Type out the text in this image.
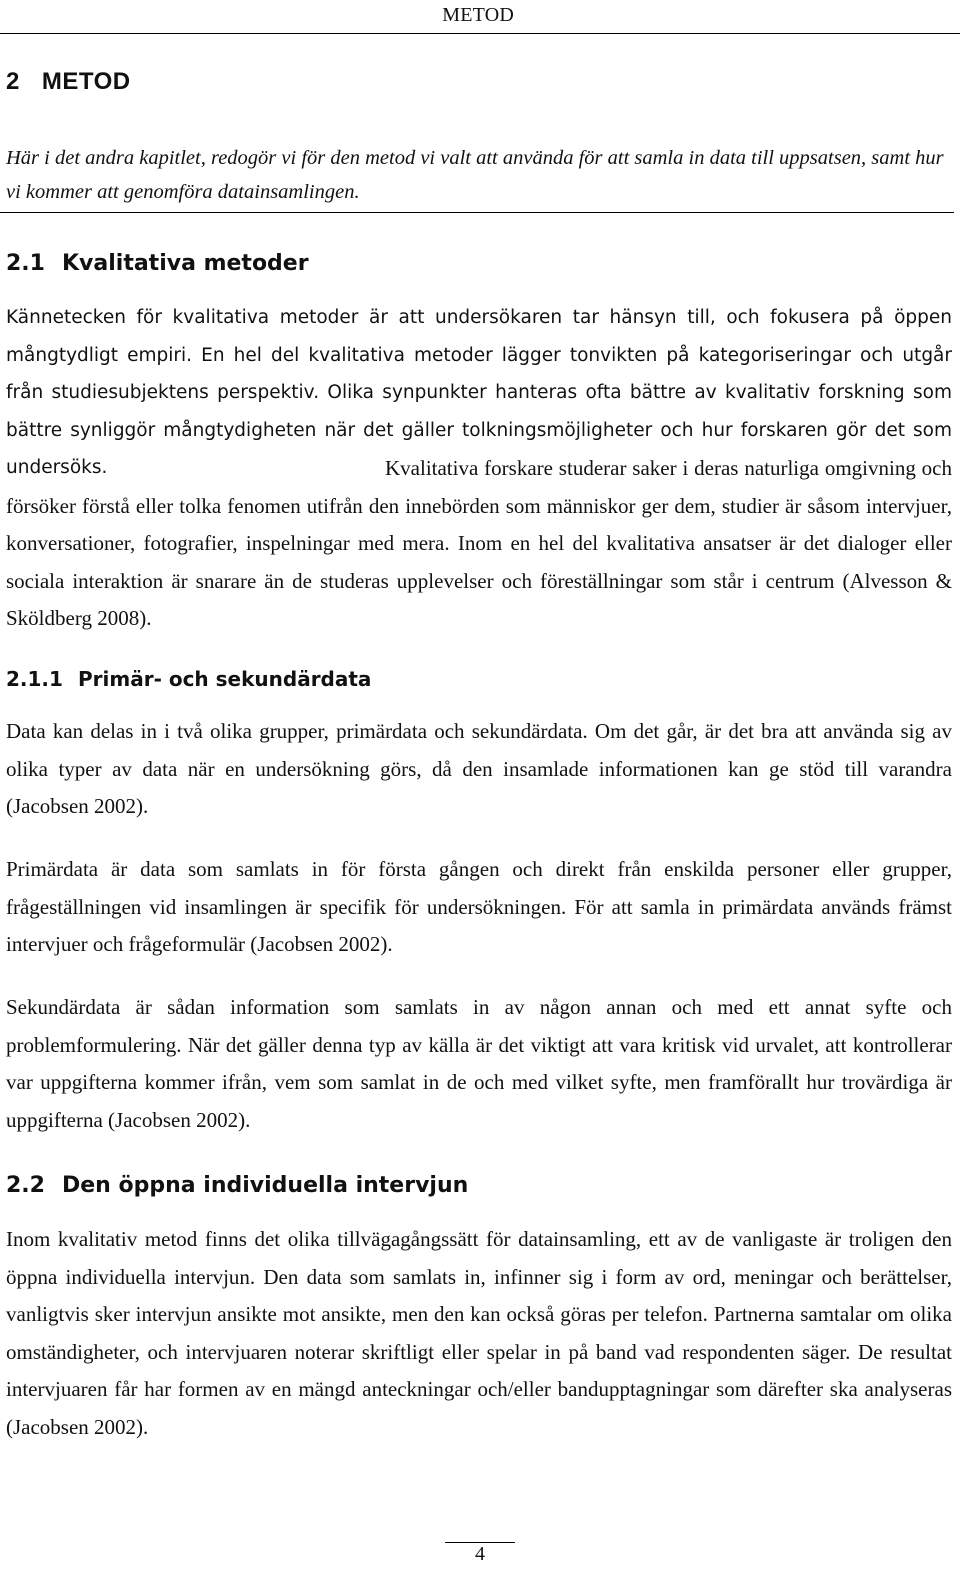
METOD
2 METOD

Här i det andra kapitlet, redogör vi för den metod vi valt att använda för att samla in data till uppsatsen, samt hur vi kommer att genomföra datainsamlingen.

2.1 Kvalitativa metoder

Kännetecken för kvalitativa metoder är att undersökaren tar hänsyn till, och fokusera på öppen mångtydligt empiri. En hel del kvalitativa metoder lägger tonvikten på kategoriseringar och utgår från studiesubjektens perspektiv. Olika synpunkter hanteras ofta bättre av kvalitativ forskning som bättre synliggör mångtydigheten när det gäller tolkningsmöjligheter och hur forskaren gör det som undersöks.	Kvalitativa forskare studerar saker i deras naturliga omgivning och försöker förstå eller tolka fenomen utifrån den innebörden som människor ger dem, studier är såsom intervjuer, konversationer, fotografier, inspelningar med mera. Inom en hel del kvalitativa ansatser är det dialoger eller sociala interaktion är snarare än de studeras upplevelser och föreställningar som står i centrum (Alvesson & Sköldberg 2008).

2.1.1 Primär- och sekundärdata

Data kan delas in i två olika grupper, primärdata och sekundärdata. Om det går, är det bra att använda sig av olika typer av data när en undersökning görs, då den insamlade informationen kan ge stöd till varandra (Jacobsen 2002).

Primärdata är data som samlats in för första gången och direkt från enskilda personer eller grupper, frågeställningen vid insamlingen är specifik för undersökningen. För att samla in primärdata används främst intervjuer och frågeformulär (Jacobsen 2002).

Sekundärdata är sådan information som samlats in av någon annan och med ett annat syfte och problemformulering. När det gäller denna typ av källa är det viktigt att vara kritisk vid urvalet, att kontrollerar var uppgifterna kommer ifrån, vem som samlat in de och med vilket syfte, men framförallt hur trovärdiga är uppgifterna (Jacobsen 2002).

2.2 Den öppna individuella intervjun

Inom kvalitativ metod finns det olika tillvägagångssätt för datainsamling, ett av de vanligaste är troligen den öppna individuella intervjun. Den data som samlats in, infinner sig i form av ord, meningar och berättelser, vanligtvis sker intervjun ansikte mot ansikte, men den kan också göras per telefon. Partnerna samtalar om olika omständigheter, och intervjuaren noterar skriftligt eller spelar in på band vad respondenten säger. De resultat intervjuaren får har formen av en mängd anteckningar och/eller bandupptagningar som därefter ska analyseras (Jacobsen 2002).

4
